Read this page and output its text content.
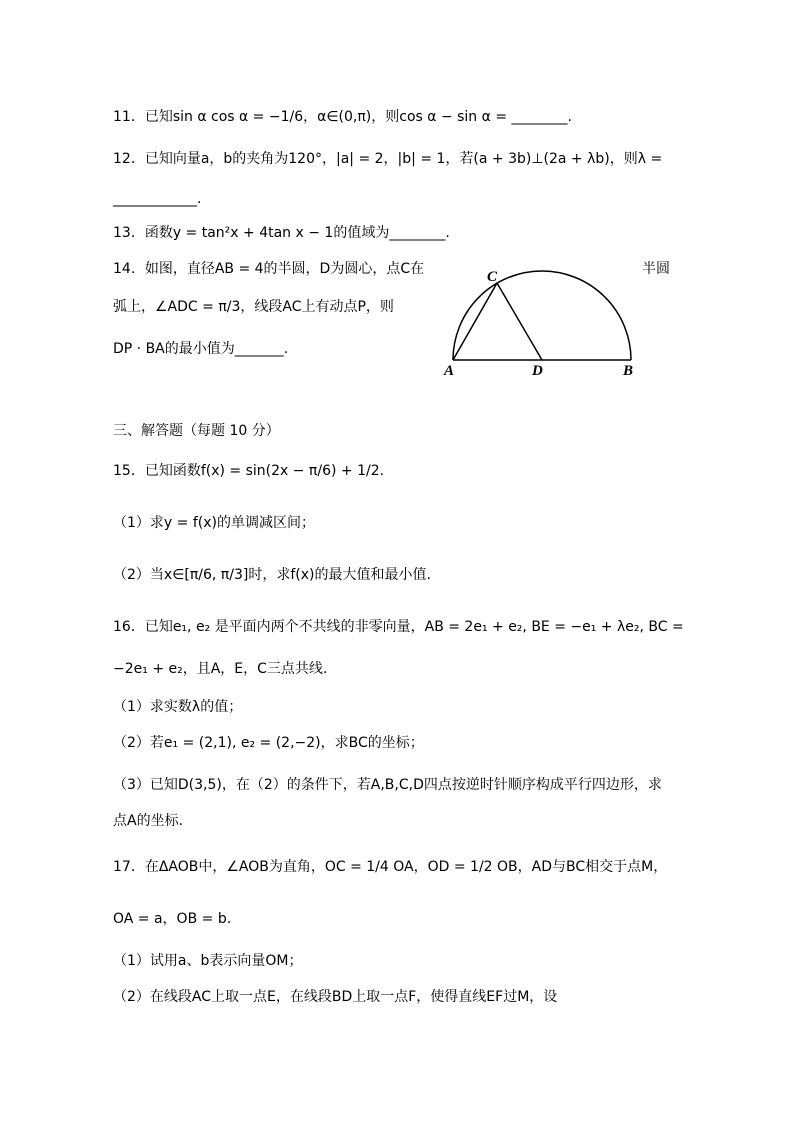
11．已知sin α cos α = −1/6，α∈(0,π)，则cos α − sin α = ________.
12．已知向量a，b的夹角为120°，|a| = 2，|b| = 1，若(a + 3b)⊥(2a + λb)，则λ =
____________.
13．函数y = tan²x + 4tan x − 1的值域为________.
14．如图，直径AB = 4的半圆，D为圆心，点C在	半圆
弧上，∠ADC = π/3，线段AC上有动点P，则
DP · BA的最小值为_______.
A	D	B
C
三、解答题（每题 10 分）
15．已知函数f(x) = sin(2x − π/6) + 1/2.
（1）求y = f(x)的单调减区间；
（2）当x∈[π/6, π/3]时，求f(x)的最大值和最小值.
16．已知e₁, e₂ 是平面内两个不共线的非零向量，AB = 2e₁ + e₂, BE = −e₁ + λe₂, BC =
−2e₁ + e₂，且A，E，C三点共线.
（1）求实数λ的值；
（2）若e₁ = (2,1), e₂ = (2,−2)，求BC的坐标；
（3）已知D(3,5)，在（2）的条件下，若A,B,C,D四点按逆时针顺序构成平行四边形，求
点A的坐标.
17．在ΔAOB中，∠AOB为直角，OC = 1/4 OA，OD = 1/2 OB，AD与BC相交于点M，
OA = a，OB = b.
（1）试用a、b表示向量OM；
（2）在线段AC上取一点E，在线段BD上取一点F，使得直线EF过M，设
